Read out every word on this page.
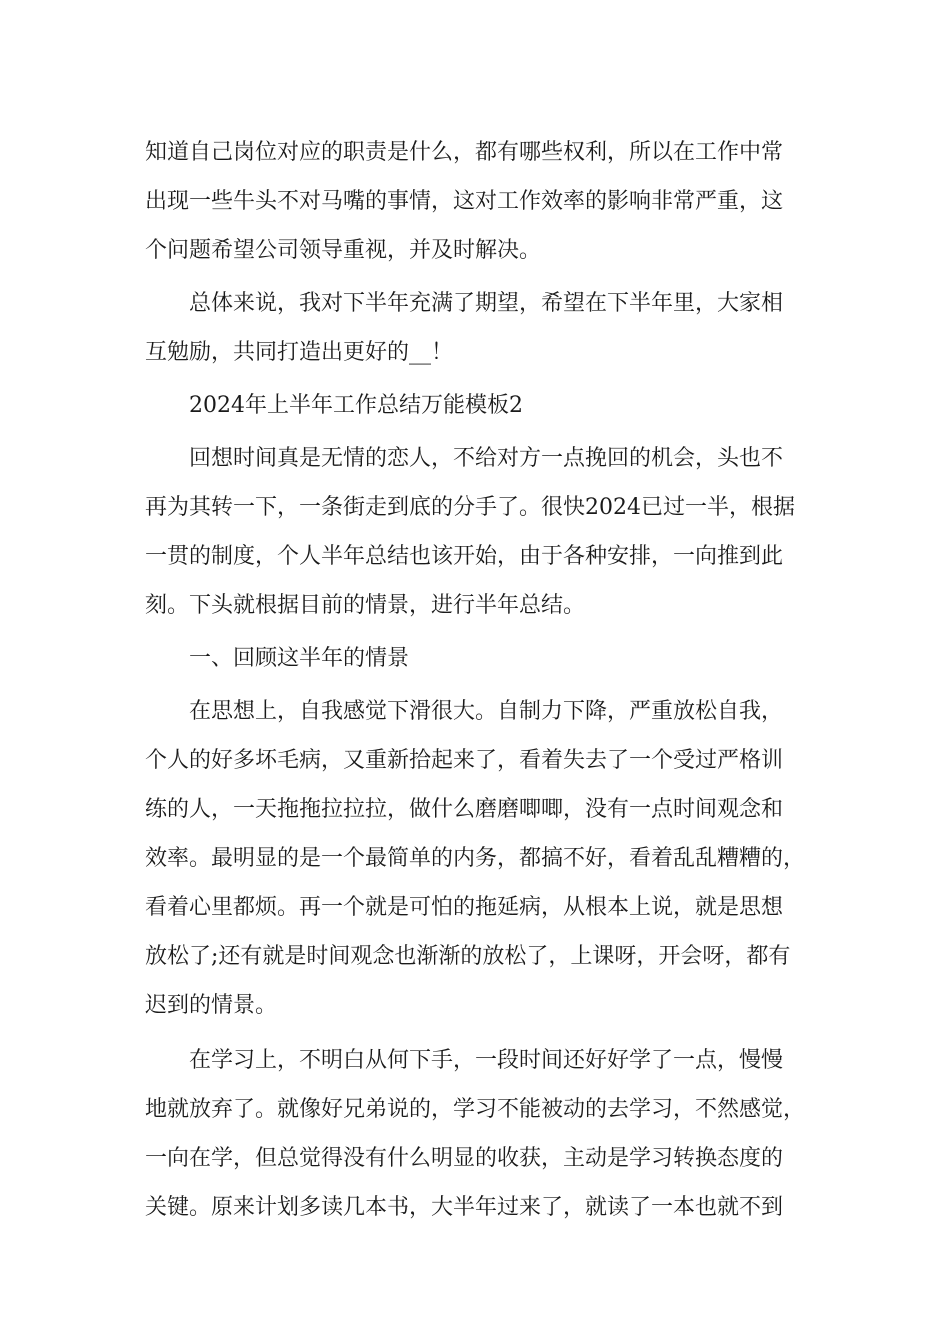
知道自己岗位对应的职责是什么，都有哪些权利，所以在工作中常
出现一些牛头不对马嘴的事情，这对工作效率的影响非常严重，这
个问题希望公司领导重视，并及时解决。
总体来说，我对下半年充满了期望，希望在下半年里，大家相
互勉励，共同打造出更好的__！
2024年上半年工作总结万能模板2
回想时间真是无情的恋人，不给对方一点挽回的机会，头也不
再为其转一下，一条街走到底的分手了。很快2024已过一半，根据
一贯的制度，个人半年总结也该开始，由于各种安排，一向推到此
刻。下头就根据目前的情景，进行半年总结。
一、回顾这半年的情景
在思想上，自我感觉下滑很大。自制力下降，严重放松自我，
个人的好多坏毛病，又重新拾起来了，看着失去了一个受过严格训
练的人，一天拖拖拉拉拉，做什么磨磨唧唧，没有一点时间观念和
效率。最明显的是一个最简单的内务，都搞不好，看着乱乱糟糟的，
看着心里都烦。再一个就是可怕的拖延病，从根本上说，就是思想
放松了;还有就是时间观念也渐渐的放松了，上课呀，开会呀，都有
迟到的情景。
在学习上，不明白从何下手，一段时间还好好学了一点，慢慢
地就放弃了。就像好兄弟说的，学习不能被动的去学习，不然感觉，
一向在学，但总觉得没有什么明显的收获，主动是学习转换态度的
关键。原来计划多读几本书，大半年过来了，就读了一本也就不到
